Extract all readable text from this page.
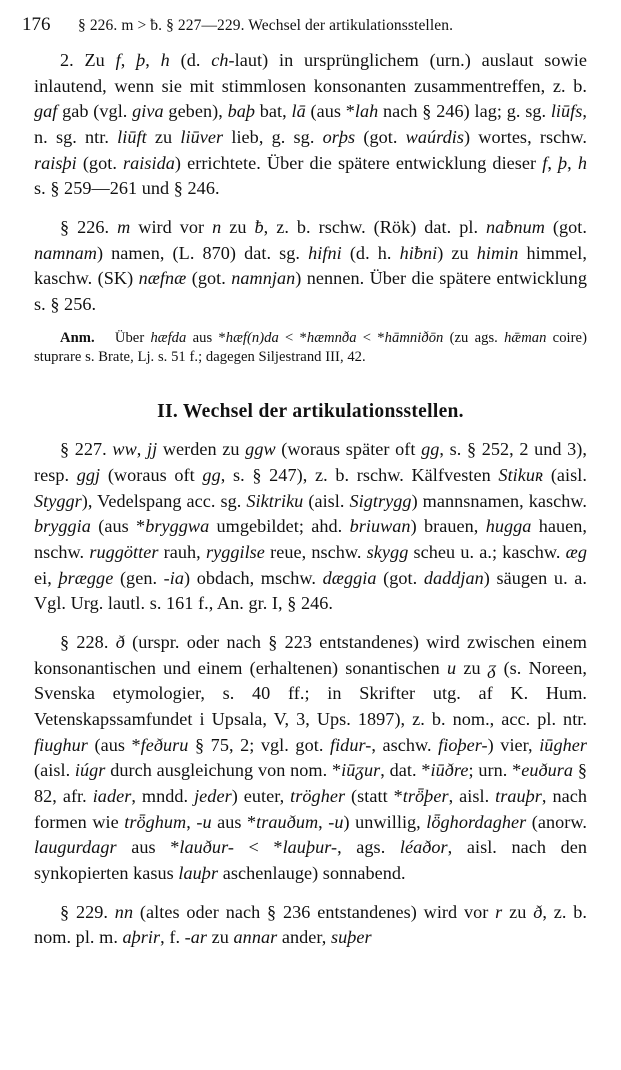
176	§ 226. m > ƀ. § 227—229. Wechsel der artikulationsstellen.

2. Zu f, þ, h (d. ch-laut) in ursprünglichem (urn.) auslaut sowie inlautend, wenn sie mit stimmlosen konsonanten zusammentreffen, z. b. gaf gab (vgl. giva geben), baþ bat, lā (aus *lah nach § 246) lag; g. sg. liūfs, n. sg. ntr. liūft zu liūver lieb, g. sg. orþs (got. waúrdis) wortes, rschw. raisþi (got. raisida) errichtete. Über die spätere entwicklung dieser f, þ, h s. § 259—261 und § 246.

§ 226. m wird vor n zu ƀ, z. b. rschw. (Rök) dat. pl. naƀnum (got. namnam) namen, (L. 870) dat. sg. hifni (d. h. hiƀni) zu himin himmel, kaschw. (SK) næfnæ (got. namnjan) nennen. Über die spätere entwicklung s. § 256.

Anm. Über hæfda aus *hæf(n)da < *hæmnða < *hāmniðōn (zu ags. hǣman coire) stuprare s. Brate, Lj. s. 51 f.; dagegen Siljestrand III, 42.

II. Wechsel der artikulationsstellen.

§ 227. ww, jj werden zu ggw (woraus später oft gg, s. § 252, 2 und 3), resp. ggj (woraus oft gg, s. § 247), z. b. rschw. Kälfvesten Stikuʀ (aisl. Styggr), Vedelspang acc. sg. Siktriku (aisl. Sigtrygg) mannsnamen, kaschw. bryggia (aus *bryggwa umgebildet; ahd. briuwan) brauen, hugga hauen, nschw. ruggötter rauh, ryggilse reue, nschw. skygg scheu u. a.; kaschw. æg ei, þrægge (gen. -ia) obdach, mschw. dæggia (got. daddjan) säugen u. a. Vgl. Urg. lautl. s. 161 f., An. gr. I, § 246.

§ 228. ð (urspr. oder nach § 223 entstandenes) wird zwischen einem konsonantischen und einem (erhaltenen) sonantischen u zu ᵹ (s. Noreen, Svenska etymologier, s. 40 ff.; in Skrifter utg. af K. Hum. Vetenskapssamfundet i Upsala, V, 3, Ups. 1897), z. b. nom., acc. pl. ntr. fiughur (aus *feðuru § 75, 2; vgl. got. fidur-, aschw. fioþer-) vier, iūgher (aisl. iúgr durch ausgleichung von nom. *iūᵹur, dat. *iūðre; urn. *euðura § 82, afr. iader, mndd. jeder) euter, trögher (statt *trȫþer, aisl. trauþr, nach formen wie trȫghum, -u aus *trauðum, -u) unwillig, lȫghordagher (anorw. laugurdagr aus *lauður- < *lauþur-, ags. léaðor, aisl. nach den synkopierten kasus lauþr aschenlauge) sonnabend.

§ 229. nn (altes oder nach § 236 entstandenes) wird vor r zu ð, z. b. nom. pl. m. aþrir, f. -ar zu annar ander, suþer
